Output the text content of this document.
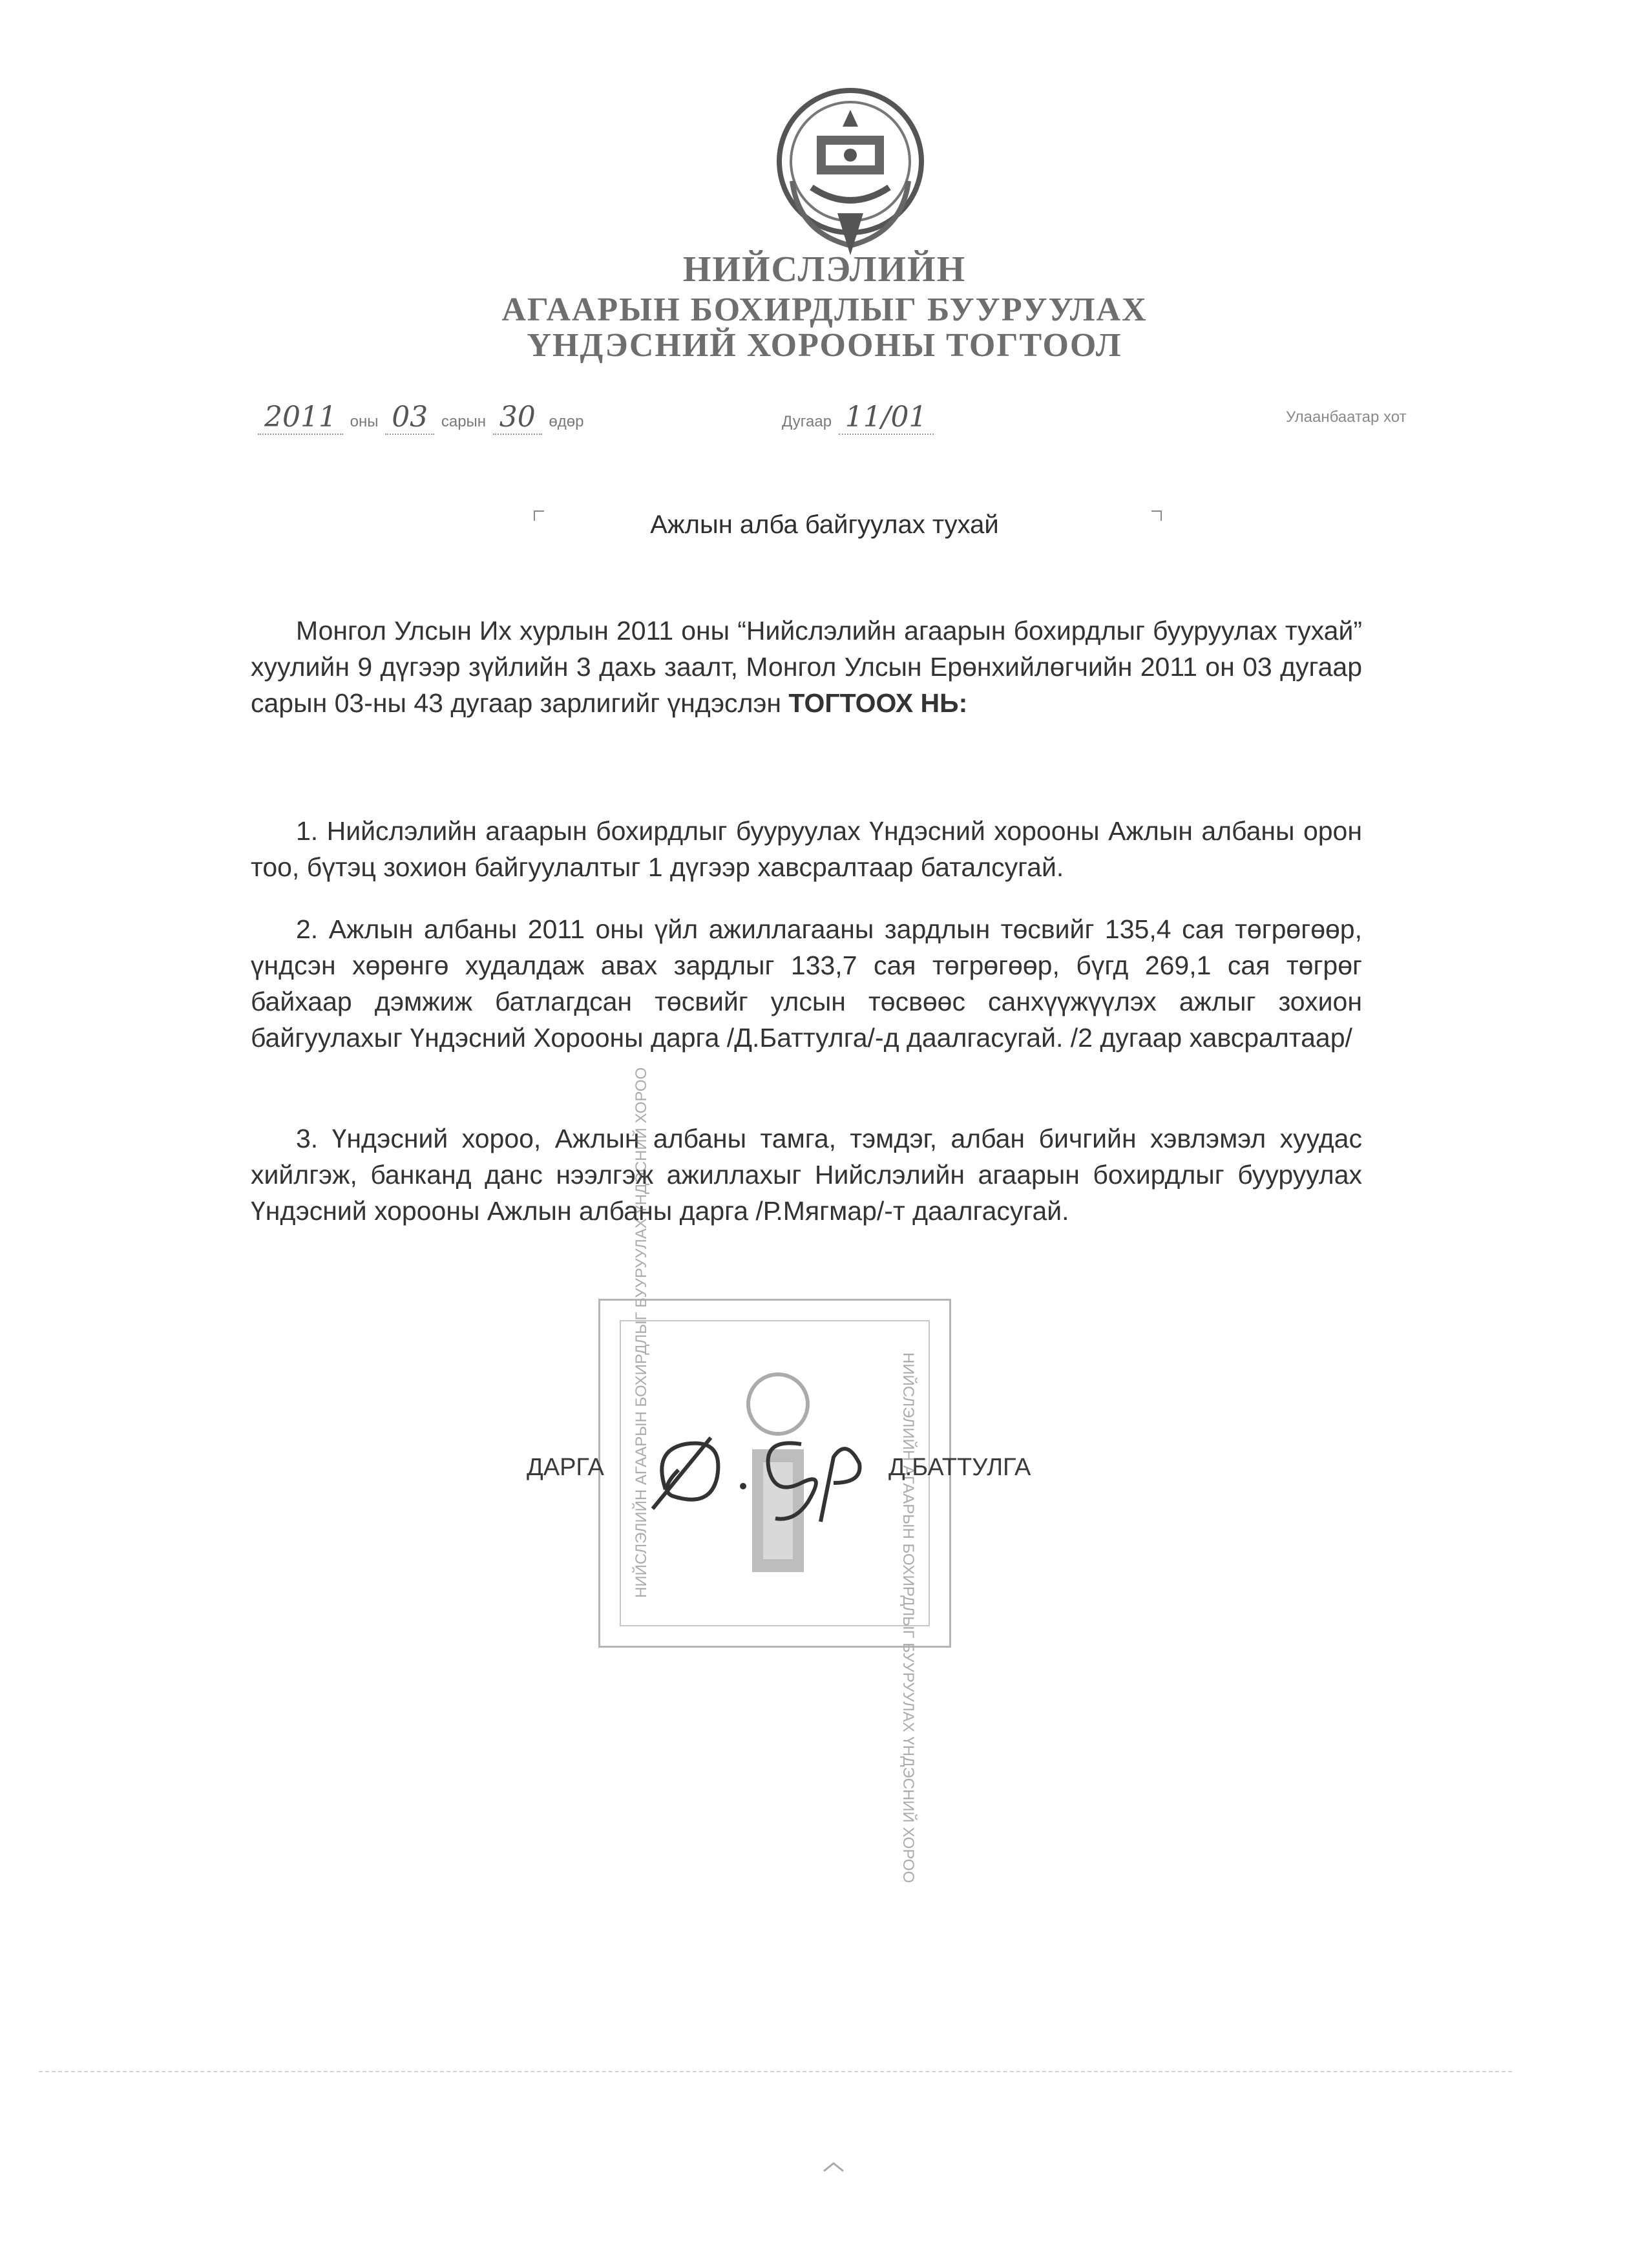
НИЙСЛЭЛИЙН
АГААРЫН БОХИРДЛЫГ БУУРУУЛАХ
ҮНДЭСНИЙ ХОРООНЫ ТОГТООЛ
2011 оны 03 сарын 30 өдөр	Дугаар 11/01	Улаанбаатар хот
Ажлын алба байгуулах тухай
Монгол Улсын Их хурлын 2011 оны “Нийслэлийн агаарын бохирдлыг бууруулах тухай” хуулийн 9 дүгээр зүйлийн 3 дахь заалт, Монгол Улсын Ерөнхийлөгчийн 2011 он 03 дугаар сарын 03-ны 43 дугаар зарлигийг үндэслэн ТОГТООХ НЬ:
1. Нийслэлийн агаарын бохирдлыг бууруулах Үндэсний хорооны Ажлын албаны орон тоо, бүтэц зохион байгуулалтыг 1 дүгээр хавсралтаар баталсугай.
2. Ажлын албаны 2011 оны үйл ажиллагааны зардлын төсвийг 135,4 сая төгрөгөөр, үндсэн хөрөнгө худалдаж авах зардлыг 133,7 сая төгрөгөөр, бүгд 269,1 сая төгрөг байхаар дэмжиж батлагдсан төсвийг улсын төсвөөс санхүүжүүлэх ажлыг зохион байгуулахыг Үндэсний Хорооны дарга /Д.Баттулга/-д даалгасугай. /2 дугаар хавсралтаар/
3. Үндэсний хороо, Ажлын албаны тамга, тэмдэг, албан бичгийн хэвлэмэл хуудас хийлгэж, банканд данс нээлгэж ажиллахыг Нийслэлийн агаарын бохирдлыг бууруулах Үндэсний хорооны Ажлын албаны дарга /Р.Мягмар/-т даалгасугай.
НИЙСЛЭЛИЙН АГААРЫН БОХИРДЛЫГ БУУРУУЛАХ ҮНДЭСНИЙ ХОРОО
НИЙСЛЭЛИЙН АГААРЫН БОХИРДЛЫГ БУУРУУЛАХ ҮНДЭСНИЙ ХОРОО
ДАРГА	Д.БАТТУЛГА
